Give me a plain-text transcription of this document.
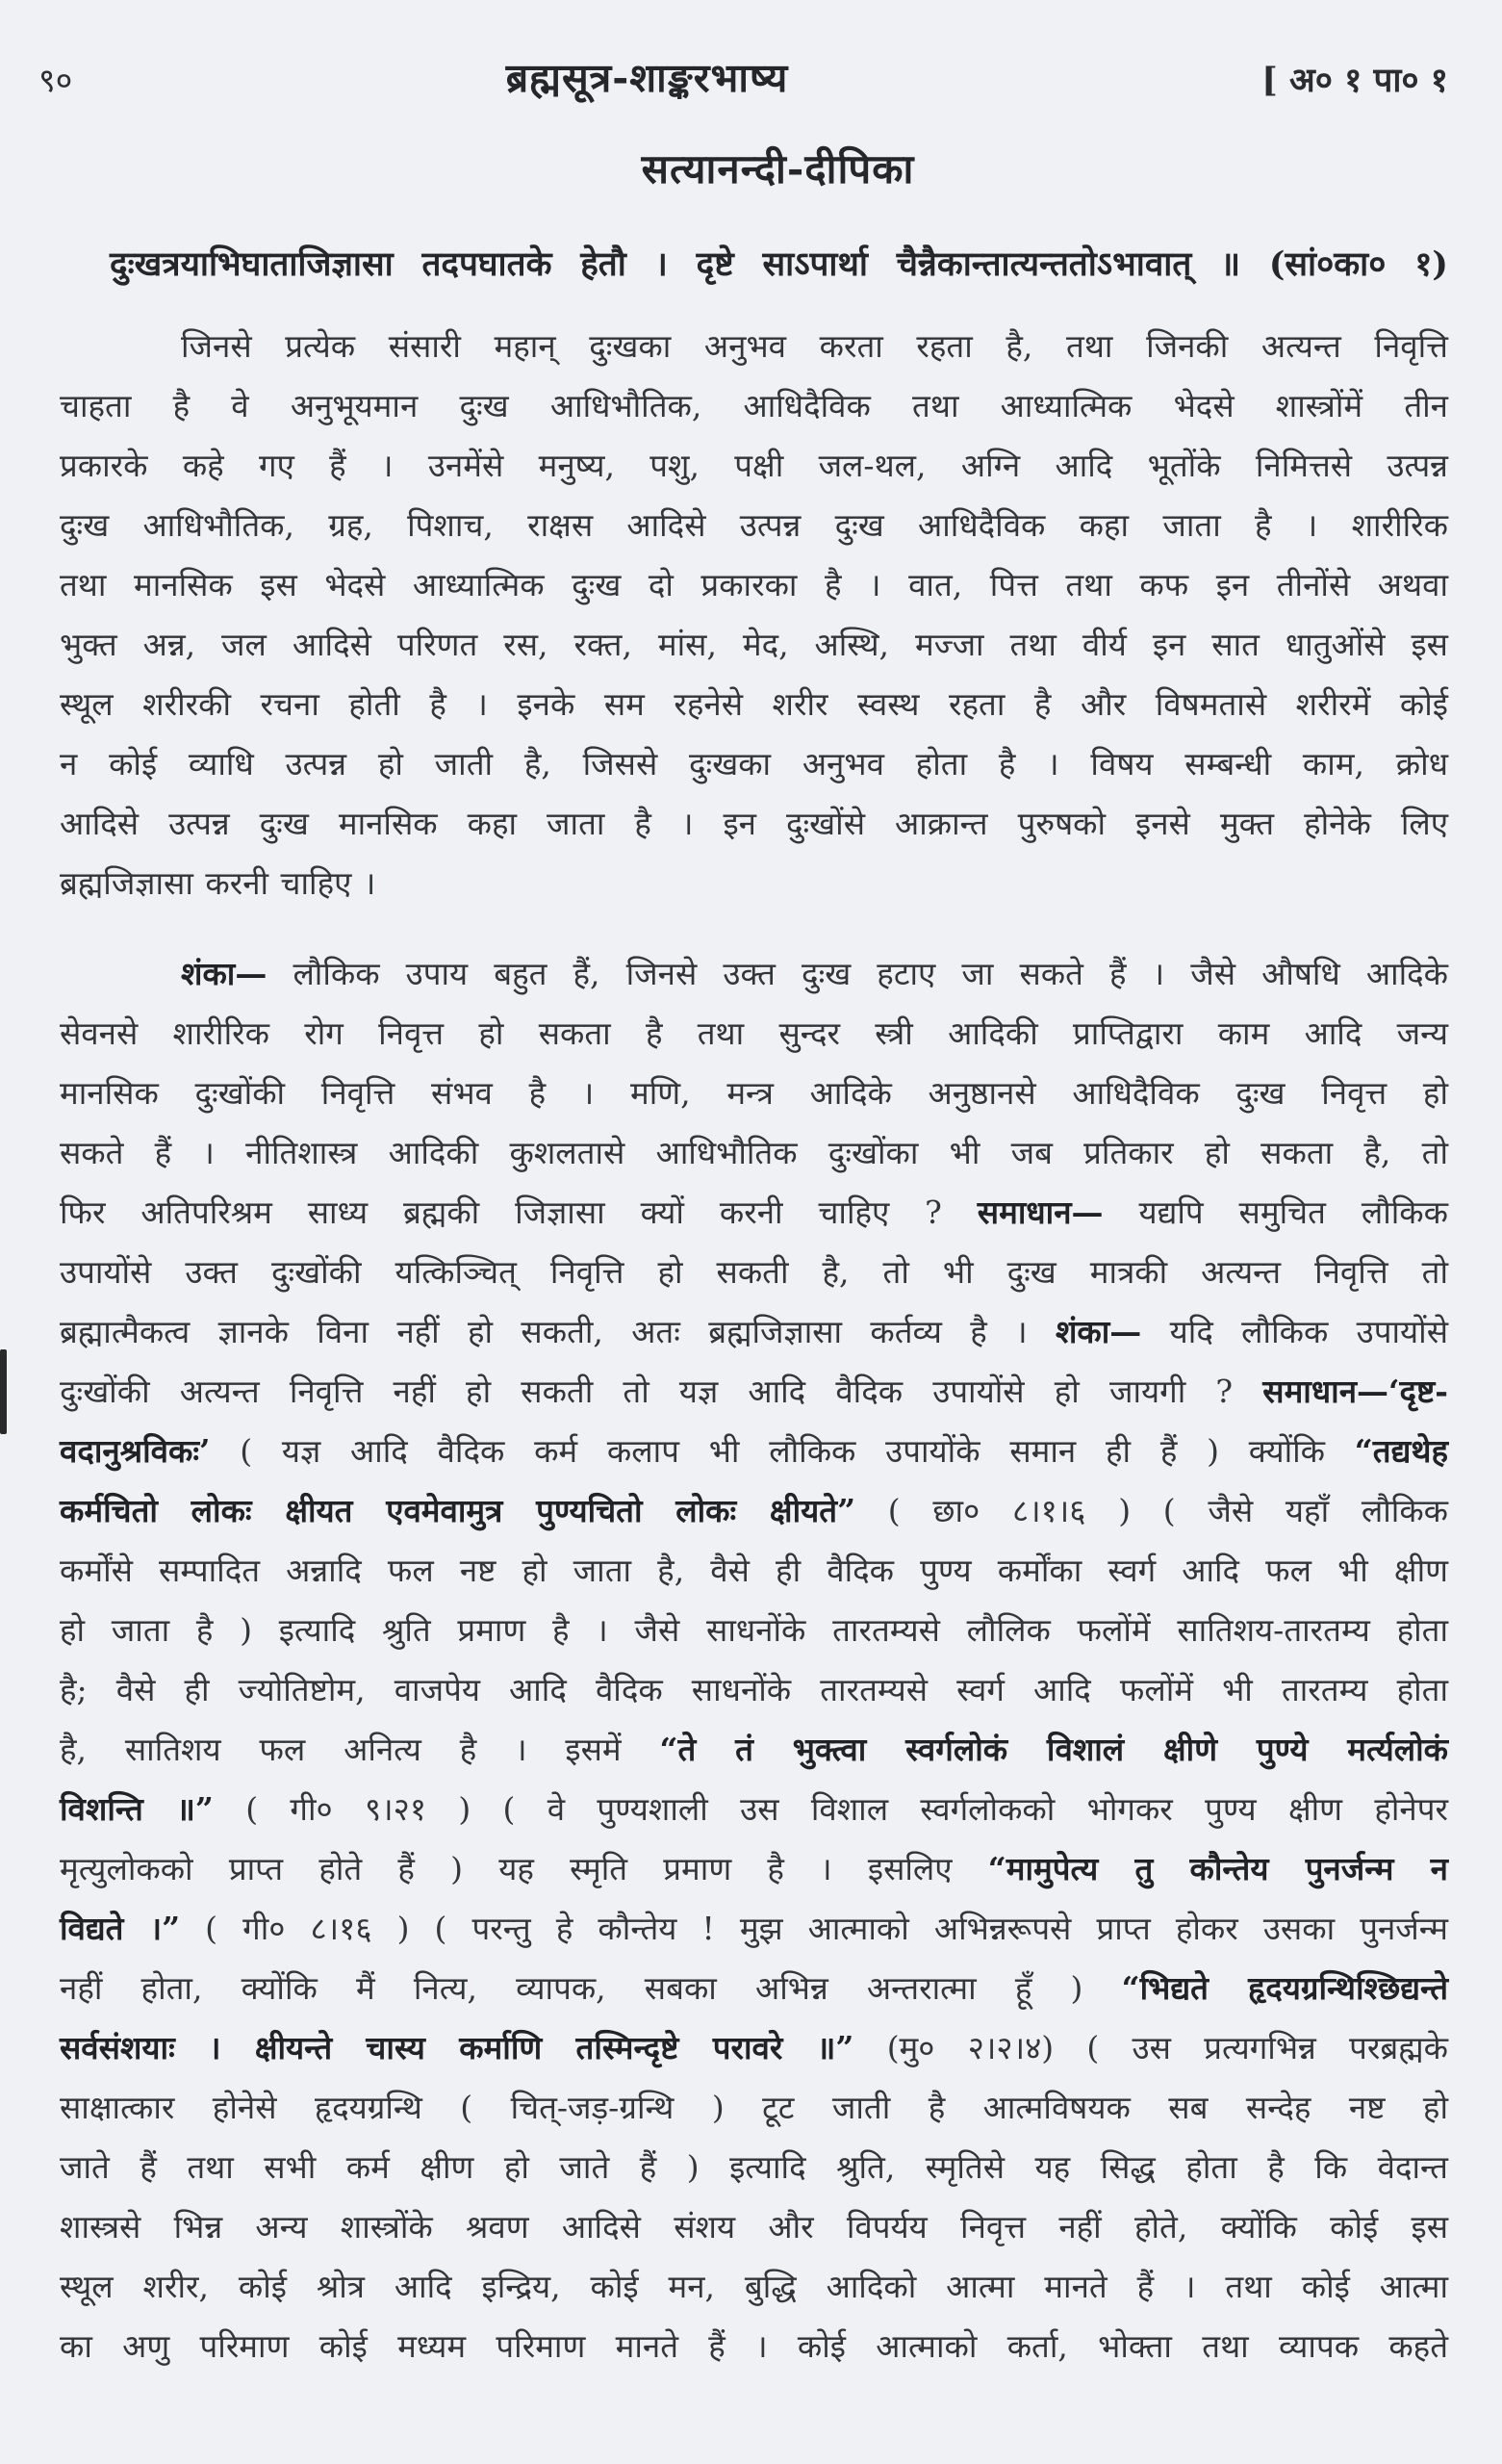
९०	ब्रह्मसूत्र-शाङ्करभाष्य	[ अ० १ पा० १
सत्यानन्दी-दीपिका
दुःखत्रयाभिघाताजिज्ञासा तदपघातके हेतौ । दृष्टे साऽपार्था चैन्नैकान्तात्यन्ततोऽभावात् ॥ (सां०का० १)
जिनसे प्रत्येक संसारी महान् दुःखका अनुभव करता रहता है, तथा जिनकी अत्यन्त निवृत्ति
चाहता है वे अनुभूयमान दुःख आधिभौतिक, आधिदैविक तथा आध्यात्मिक भेदसे शास्त्रोंमें तीन
प्रकारके कहे गए हैं । उनमेंसे मनुष्य, पशु, पक्षी जल-थल, अग्नि आदि भूतोंके निमित्तसे उत्पन्न
दुःख आधिभौतिक, ग्रह, पिशाच, राक्षस आदिसे उत्पन्न दुःख आधिदैविक कहा जाता है । शारीरिक
तथा मानसिक इस भेदसे आध्यात्मिक दुःख दो प्रकारका है । वात, पित्त तथा कफ इन तीनोंसे अथवा
भुक्त अन्न, जल आदिसे परिणत रस, रक्त, मांस, मेद, अस्थि, मज्जा तथा वीर्य इन सात धातुओंसे इस
स्थूल शरीरकी रचना होती है । इनके सम रहनेसे शरीर स्वस्थ रहता है और विषमतासे शरीरमें कोई
न कोई व्याधि उत्पन्न हो जाती है, जिससे दुःखका अनुभव होता है । विषय सम्बन्धी काम, क्रोध
आदिसे उत्पन्न दुःख मानसिक कहा जाता है । इन दुःखोंसे आक्रान्त पुरुषको इनसे मुक्त होनेके लिए
ब्रह्मजिज्ञासा करनी चाहिए ।
शंका— लौकिक उपाय बहुत हैं, जिनसे उक्त दुःख हटाए जा सकते हैं । जैसे औषधि आदिके
सेवनसे शारीरिक रोग निवृत्त हो सकता है तथा सुन्दर स्त्री आदिकी प्राप्तिद्वारा काम आदि जन्य
मानसिक दुःखोंकी निवृत्ति संभव है । मणि, मन्त्र आदिके अनुष्ठानसे आधिदैविक दुःख निवृत्त हो
सकते हैं । नीतिशास्त्र आदिकी कुशलतासे आधिभौतिक दुःखोंका भी जब प्रतिकार हो सकता है, तो
फिर अतिपरिश्रम साध्य ब्रह्मकी जिज्ञासा क्यों करनी चाहिए ? समाधान— यद्यपि समुचित लौकिक
उपायोंसे उक्त दुःखोंकी यत्किञ्चित् निवृत्ति हो सकती है, तो भी दुःख मात्रकी अत्यन्त निवृत्ति तो
ब्रह्मात्मैकत्व ज्ञानके विना नहीं हो सकती, अतः ब्रह्मजिज्ञासा कर्तव्य है । शंका— यदि लौकिक उपायोंसे
दुःखोंकी अत्यन्त निवृत्ति नहीं हो सकती तो यज्ञ आदि वैदिक उपायोंसे हो जायगी ? समाधान—‘दृष्ट-
वदानुश्रविकः’ ( यज्ञ आदि वैदिक कर्म कलाप भी लौकिक उपायोंके समान ही हैं ) क्योंकि “तद्यथेह
कर्मचितो लोकः क्षीयत एवमेवामुत्र पुण्यचितो लोकः क्षीयते” ( छा० ८।१।६ ) ( जैसे यहाँ लौकिक
कर्मोंसे सम्पादित अन्नादि फल नष्ट हो जाता है, वैसे ही वैदिक पुण्य कर्मोंका स्वर्ग आदि फल भी क्षीण
हो जाता है ) इत्यादि श्रुति प्रमाण है । जैसे साधनोंके तारतम्यसे लौलिक फलोंमें सातिशय-तारतम्य होता
है; वैसे ही ज्योतिष्टोम, वाजपेय आदि वैदिक साधनोंके तारतम्यसे स्वर्ग आदि फलोंमें भी तारतम्य होता
है, सातिशय फल अनित्य है । इसमें “ते तं भुक्त्वा स्वर्गलोकं विशालं क्षीणे पुण्ये मर्त्यलोकं
विशन्ति ॥” ( गी० ९।२१ ) ( वे पुण्यशाली उस विशाल स्वर्गलोकको भोगकर पुण्य क्षीण होनेपर
मृत्युलोकको प्राप्त होते हैं ) यह स्मृति प्रमाण है । इसलिए “मामुपेत्य तु कौन्तेय पुनर्जन्म न
विद्यते ।” ( गी० ८।१६ ) ( परन्तु हे कौन्तेय ! मुझ आत्माको अभिन्नरूपसे प्राप्त होकर उसका पुनर्जन्म
नहीं होता, क्योंकि मैं नित्य, व्यापक, सबका अभिन्न अन्तरात्मा हूँ ) “भिद्यते हृदयग्रन्थिश्छिद्यन्ते
सर्वसंशयाः । क्षीयन्ते चास्य कर्माणि तस्मिन्दृष्टे परावरे ॥” (मु० २।२।४) ( उस प्रत्यगभिन्न परब्रह्मके
साक्षात्कार होनेसे हृदयग्रन्थि ( चित्-जड़-ग्रन्थि ) टूट जाती है आत्मविषयक सब सन्देह नष्ट हो
जाते हैं तथा सभी कर्म क्षीण हो जाते हैं ) इत्यादि श्रुति, स्मृतिसे यह सिद्ध होता है कि वेदान्त
शास्त्रसे भिन्न अन्य शास्त्रोंके श्रवण आदिसे संशय और विपर्यय निवृत्त नहीं होते, क्योंकि कोई इस
स्थूल शरीर, कोई श्रोत्र आदि इन्द्रिय, कोई मन, बुद्धि आदिको आत्मा मानते हैं । तथा कोई आत्मा
का अणु परिमाण कोई मध्यम परिमाण मानते हैं । कोई आत्माको कर्ता, भोक्ता तथा व्यापक कहते
